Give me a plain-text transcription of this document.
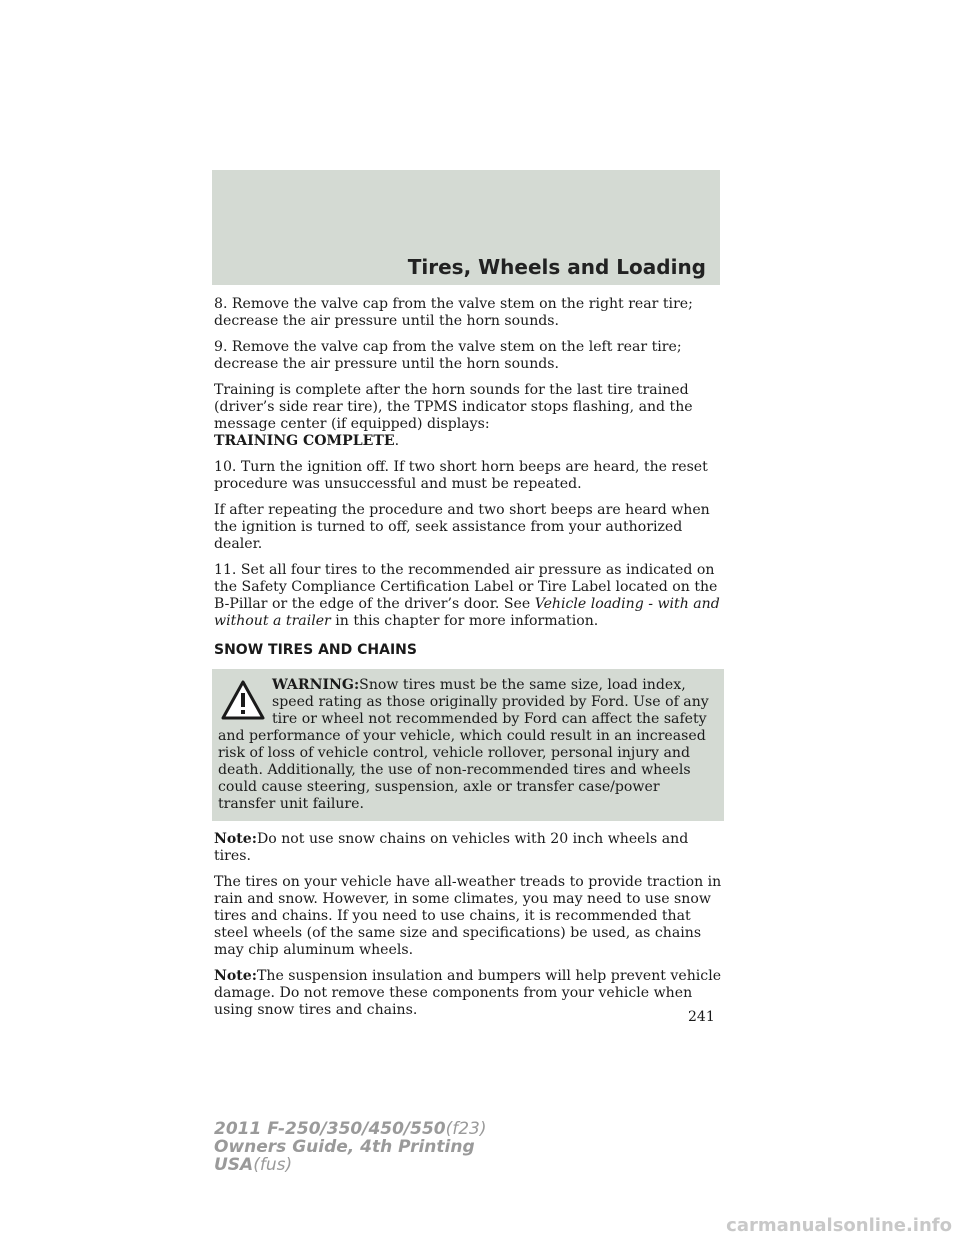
Tires, Wheels and Loading

8. Remove the valve cap from the valve stem on the right rear tire; decrease the air pressure until the horn sounds.

9. Remove the valve cap from the valve stem on the left rear tire; decrease the air pressure until the horn sounds.

Training is complete after the horn sounds for the last tire trained (driver’s side rear tire), the TPMS indicator stops flashing, and the message center (if equipped) displays:
TRAINING COMPLETE.

10. Turn the ignition off. If two short horn beeps are heard, the reset procedure was unsuccessful and must be repeated.

If after repeating the procedure and two short beeps are heard when the ignition is turned to off, seek assistance from your authorized dealer.

11. Set all four tires to the recommended air pressure as indicated on the Safety Compliance Certification Label or Tire Label located on the B-Pillar or the edge of the driver’s door. See Vehicle loading - with and without a trailer in this chapter for more information.

SNOW TIRES AND CHAINS
WARNING:Snow tires must be the same size, load index, speed rating as those originally provided by Ford. Use of any tire or wheel not recommended by Ford can affect the safety and performance of your vehicle, which could result in an increased risk of loss of vehicle control, vehicle rollover, personal injury and death. Additionally, the use of non-recommended tires and wheels could cause steering, suspension, axle or transfer case/power transfer unit failure.

Note:Do not use snow chains on vehicles with 20 inch wheels and tires.

The tires on your vehicle have all-weather treads to provide traction in rain and snow. However, in some climates, you may need to use snow tires and chains. If you need to use chains, it is recommended that steel wheels (of the same size and specifications) be used, as chains may chip aluminum wheels.

Note:The suspension insulation and bumpers will help prevent vehicle damage. Do not remove these components from your vehicle when using snow tires and chains.	241
2011 F-250/350/450/550(f23)
Owners Guide, 4th Printing
USA(fus)
carmanualsonline.info
